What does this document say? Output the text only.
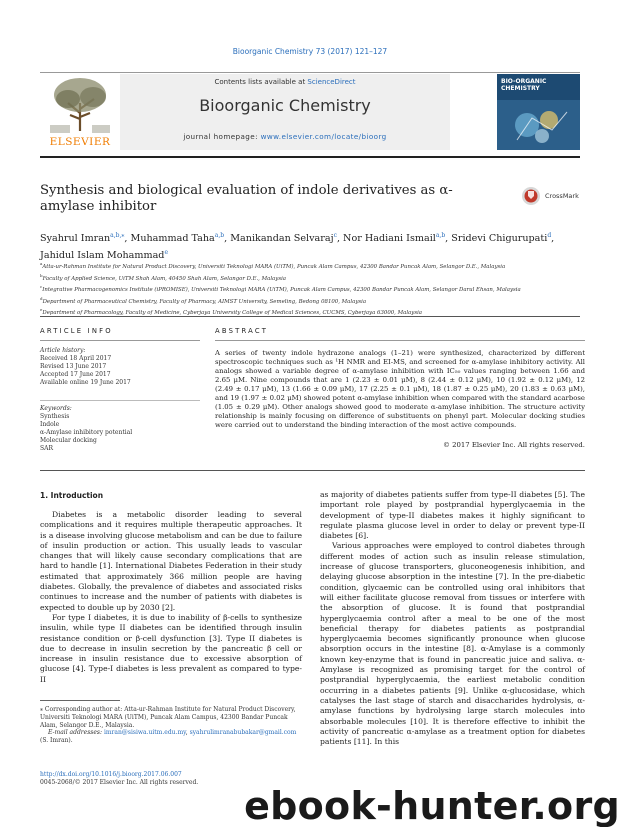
Bioorganic Chemistry 73 (2017) 121–127
ELSEVIER
Contents lists available at ScienceDirect
Bioorganic Chemistry
journal homepage: www.elsevier.com/locate/bioorg
BIO-ORGANIC CHEMISTRY
Synthesis and biological evaluation of indole derivatives as α-amylase inhibitor
CrossMark
Syahrul Imran$^{a,b,⁎}$, Muhammad Taha$^{a,b}$, Manikandan Selvaraj$^c$, Nor Hadiani Ismail$^{a,b}$, Sridevi Chigurupati$^d$,
Jahidul Islam Mohammad$^e$
$^a$Atta-ur-Rahman Institute for Natural Product Discovery, Universiti Teknologi MARA (UiTM), Puncak Alam Campus, 42300 Bandar Puncak Alam, Selangor D.E., Malaysia
$^b$Faculty of Applied Science, UiTM Shah Alam, 40450 Shah Alam, Selangor D.E., Malaysia
$^c$Integrative Pharmacogenomics Institute (iPROMISE), Universiti Teknologi MARA (UiTM), Puncak Alam Campus, 42300 Bandar Puncak Alam, Selangor Darul Ehsan, Malaysia
$^d$Department of Pharmaceutical Chemistry, Faculty of Pharmacy, AIMST University, Semeling, Bedong 08100, Malaysia
$^e$Department of Pharmacology, Faculty of Medicine, Cyberjaya University College of Medical Sciences, CUCMS, Cyberjaya 63000, Malaysia
ARTICLE INFO	ABSTRACT
Article history:
Received 18 April 2017
Revised 13 June 2017
Accepted 17 June 2017
Available online 19 June 2017
Keywords:
Synthesis
Indole
α-Amylase inhibitory potential
Molecular docking
SAR
A series of twenty indole hydrazone analogs (1–21) were synthesized, characterized by different spectroscopic techniques such as ¹H NMR and EI-MS, and screened for α-amylase inhibitory activity. All analogs showed a variable degree of α-amylase inhibition with IC₅₀ values ranging between 1.66 and 2.65 μM. Nine compounds that are 1 (2.23 ± 0.01 μM), 8 (2.44 ± 0.12 μM), 10 (1.92 ± 0.12 μM), 12 (2.49 ± 0.17 μM), 13 (1.66 ± 0.09 μM), 17 (2.25 ± 0.1 μM), 18 (1.87 ± 0.25 μM), 20 (1.83 ± 0.63 μM), and 19 (1.97 ± 0.02 μM) showed potent α-amylase inhibition when compared with the standard acarbose (1.05 ± 0.29 μM). Other analogs showed good to moderate α-amylase inhibition. The structure activity relationship is mainly focusing on difference of substituents on phenyl part. Molecular docking studies were carried out to understand the binding interaction of the most active compounds.
© 2017 Elsevier Inc. All rights reserved.
1. Introduction

Diabetes is a metabolic disorder leading to several complications and it requires multiple therapeutic approaches. It is a disease involving glucose metabolism and can be due to failure of insulin production or action. This usually leads to vascular changes that will likely cause secondary complications that are hard to handle [1]. International Diabetes Federation in their study estimated that approximately 366 million people are having diabetes. Globally, the prevalence of diabetes and associated risks continues to increase and the number of patients with diabetes is expected to double up by 2030 [2].

For type I diabetes, it is due to inability of β-cells to synthesize insulin, while type II diabetes can be identified through insulin resistance condition or β-cell dysfunction [3]. Type II diabetes is due to decrease in insulin secretion by the pancreatic β cell or increase in insulin resistance due to excessive absorption of glucose [4]. Type-I diabetes is less prevalent as compared to type-II

as majority of diabetes patients suffer from type-II diabetes [5]. The important role played by postprandial hyperglycaemia in the development of type-II diabetes makes it highly significant to regulate plasma glucose level in order to delay or prevent type-II diabetes [6].

Various approaches were employed to control diabetes through different modes of action such as insulin release stimulation, increase of glucose transporters, gluconeogenesis inhibition, and delaying glucose absorption in the intestine [7]. In the pre-diabetic condition, glycaemic can be controlled using oral inhibitors that will either facilitate glucose removal from tissues or interfere with the absorption of glucose. It is found that postprandial hyperglycaemia control after a meal to be one of the most beneficial therapy for diabetes patients as postprandial hyperglycaemia becomes significantly pronounce when glucose absorption occurs in the intestine [8]. α-Amylase is a commonly known key-enzyme that is found in pancreatic juice and saliva. α-Amylase is recognized as promising target for the control of postprandial hyperglycaemia, the earliest metabolic condition occurring in a diabetes patients [9]. Unlike α-glucosidase, which catalyses the last stage of starch and disaccharides hydrolysis, α-amylase functions by hydrolysing large starch molecules into absorbable molecules [10]. It is therefore effective to inhibit the activity of pancreatic α-amylase as a treatment option for diabetes patients [11]. In this

⁎ Corresponding author at: Atta-ur-Rahman Institute for Natural Product Discovery, Universiti Teknologi MARA (UiTM), Puncak Alam Campus, 42300 Bandar Puncak Alam, Selangor D.E., Malaysia.
E-mail addresses: imran@sisiwa.uitm.edu.my, syahrulimranabubakar@gmail.com (S. Imran).
http://dx.doi.org/10.1016/j.bioorg.2017.06.007
0045-2068/© 2017 Elsevier Inc. All rights reserved.
ebook-hunter.org
